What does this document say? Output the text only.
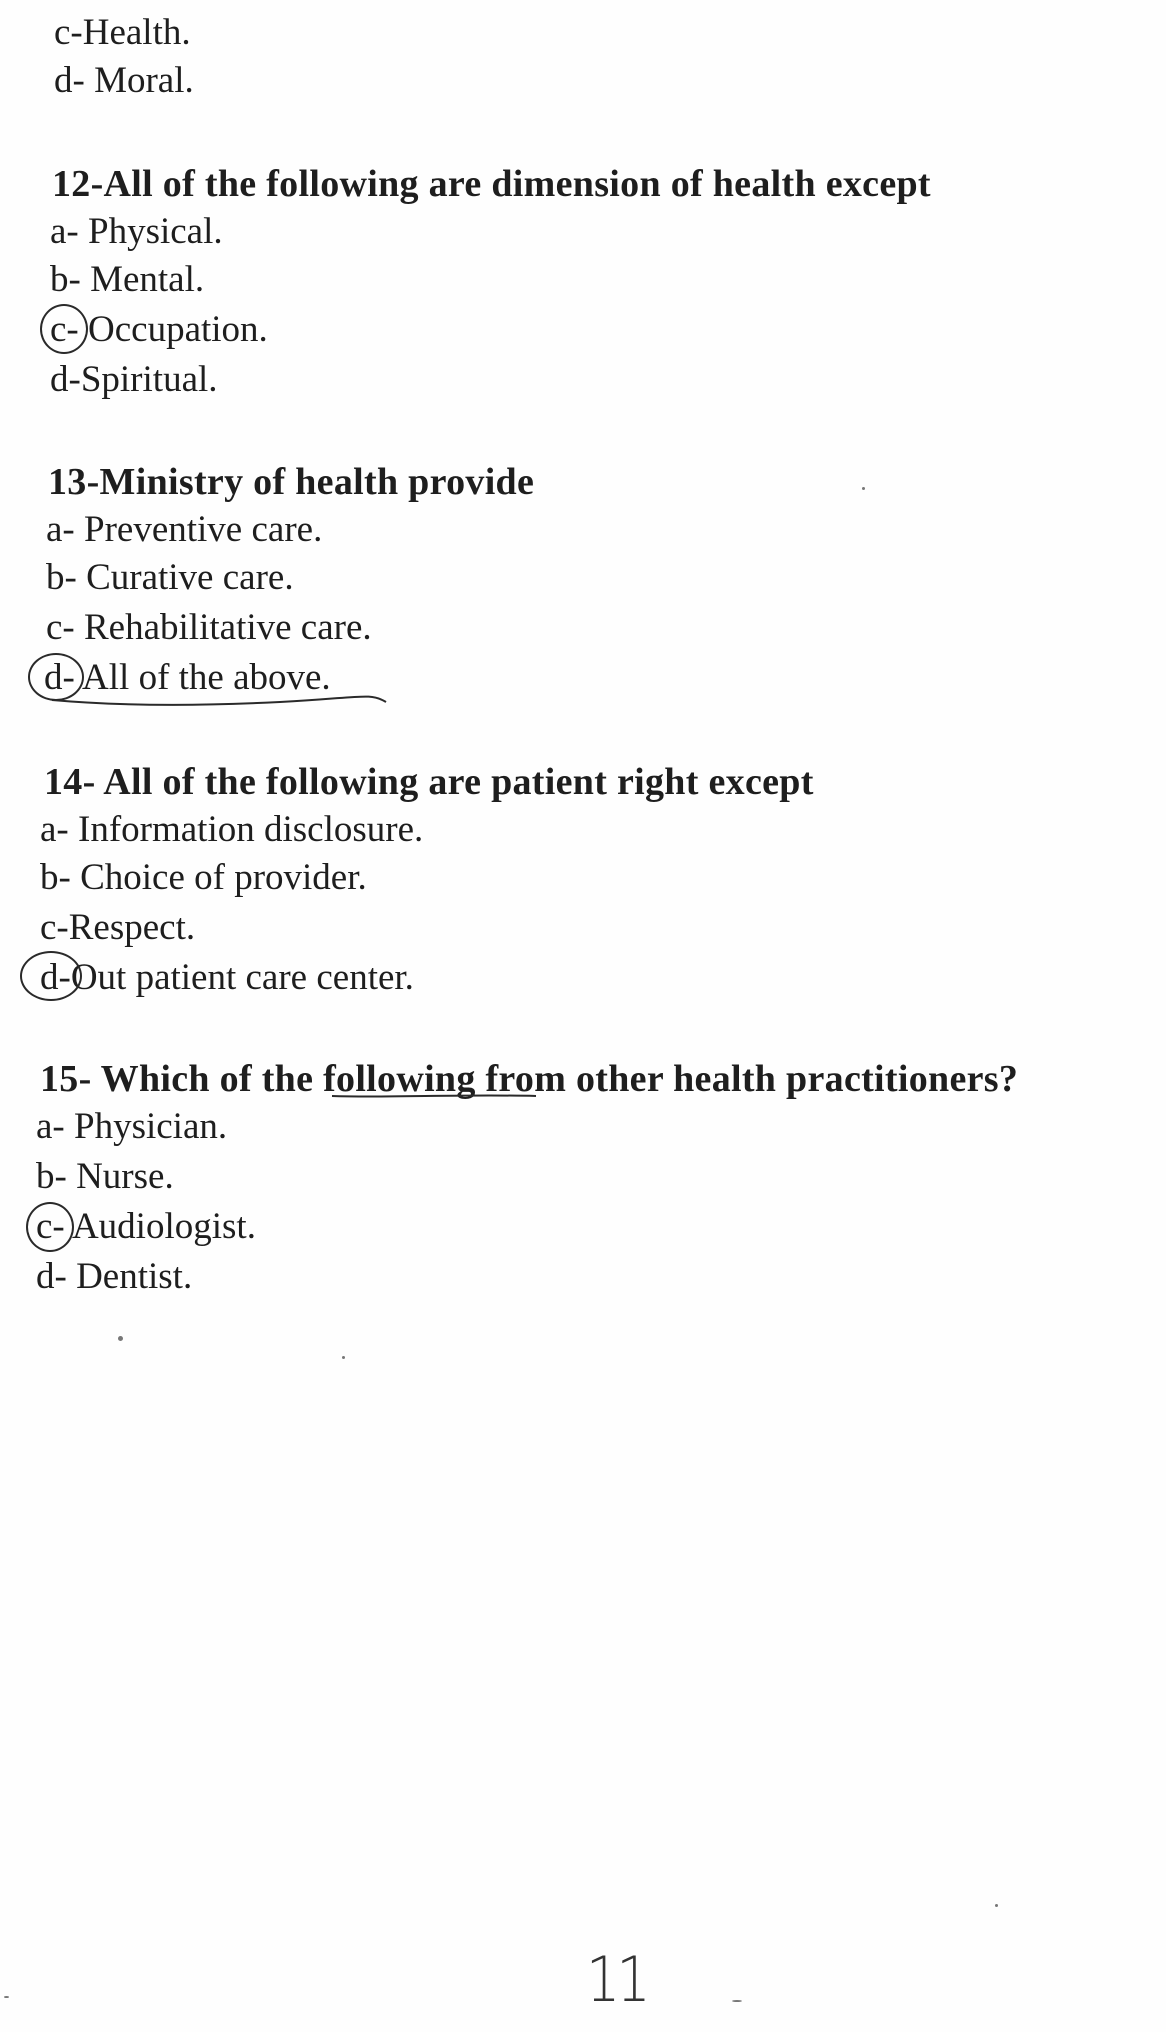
c-Health.
d- Moral.
12-All of the following are dimension of health except
a- Physical.
b- Mental.
c-
Occupation.
d-Spiritual.
13-Ministry of health provide
a- Preventive care.
b- Curative care.
c- Rehabilitative care.
d-
All of the above.
14- All of the following are patient right except
a- Information disclosure.
b- Choice of provider.
c-Respect.
d-
Out patient care center.
15- Which of the following from other health practitioners?
a- Physician.
b- Nurse.
c-
Audiologist.
d- Dentist.
11
